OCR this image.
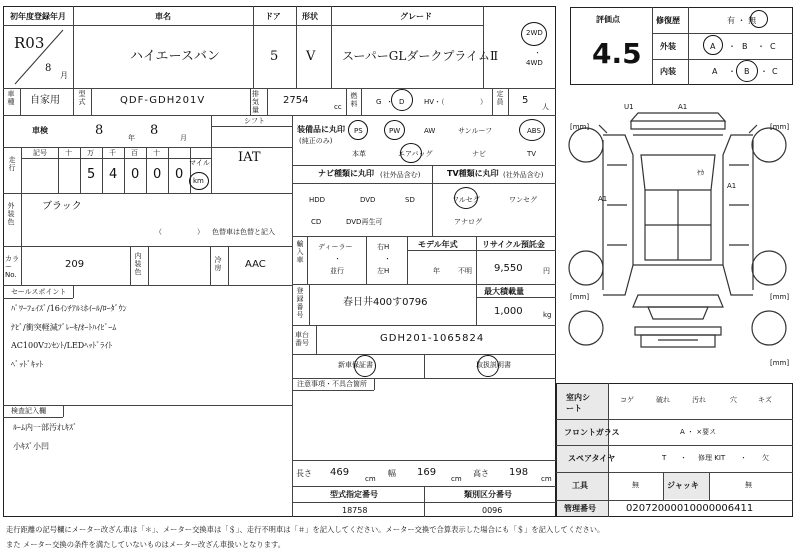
初年度登録年月
R03
8
月
車名
ハイエースバン
ドア
5
形状
V
グレード
スーパーGLダークプライムⅡ
2WD
・
4WD
車種 自家用	型式	QDF-GDH201V
排気量
2754
cc 燃料	G ・ D	HV・（	） 定員 5
人
車検	8	年 8	月
シフト
IAT
走行
記号	十 万 千 百 十
マイル
5 4 0 0 0 km
外装色	ブラック
（　　　　　） 色替車は色替と記入
カラーNo.
209	内装色	冷房 AAC
セールスポイント
ﾊﾟﾜｰﾌｪｲｽﾞ/16ｲﾝﾁｱﾙﾐﾎｲｰﾙ/ﾛｰﾀﾞｳﾝ
ﾅﾋﾞ/衝突軽減ﾌﾞﾚｰｷ/ｵｰﾄﾊｲﾋﾞｰﾑ
AC100Vｺﾝｾﾝﾄ/LEDﾍｯﾄﾞﾗｲﾄ
ﾍﾞｯﾄﾞｷｯﾄ
検査記入欄
ﾙｰﾑ内一部汚れｷｽﾞ
小ｷｽﾞ小凹
装備品に丸印
(純正のみ)
PS	PW	AW	サンルーフ	ABS
本革	エアバッグ	ナビ	TV
ナビ種類に丸印 (社外品含む)	TV種類に丸印 (社外品含む)
HDD	DVD	SD
CD	DVD再生可
フルセグ	ワンセグ
アナログ
輸入車 ディーラー
・
並行
右H
・
左H
モデル年式
年	不明
リサイクル預託金
9,550	円
登録番号	春日井400す0796
最大積載量
1,000	kg
車台番号	GDH201-1065824
新車保証書	取扱説明書
注意事項・不具合箇所
長さ 469
cm
幅 169
cm
高さ 198
cm
型式指定番号
18758
類別区分番号
0096
評価点
4.5
修復歴	有 ・ 無
外装	A ・ B ・ C
内装	A ・ B ・ C
U1	A1
[mm]	[mm]
ﾔｶ
A1
A1
[mm]	[mm]
[mm]
室内シート
コゲ	破れ	汚れ	穴	キズ
フロントガラス	A ・ ×要ス
スペアタイヤ	T ・ 修理 KIT ・ 欠
工具	無	ジャッキ	無
管理番号	02072000010000006411
走行距離の記号欄にメーター改ざん車は「＊」、メーター交換車は「＄」、走行不明車は「＃」を記入してください。メーター交換で合算表示した場合にも「＄」を記入してください。
また メーター交換の条件を満たしていないものはメーター改ざん車扱いとなります。
